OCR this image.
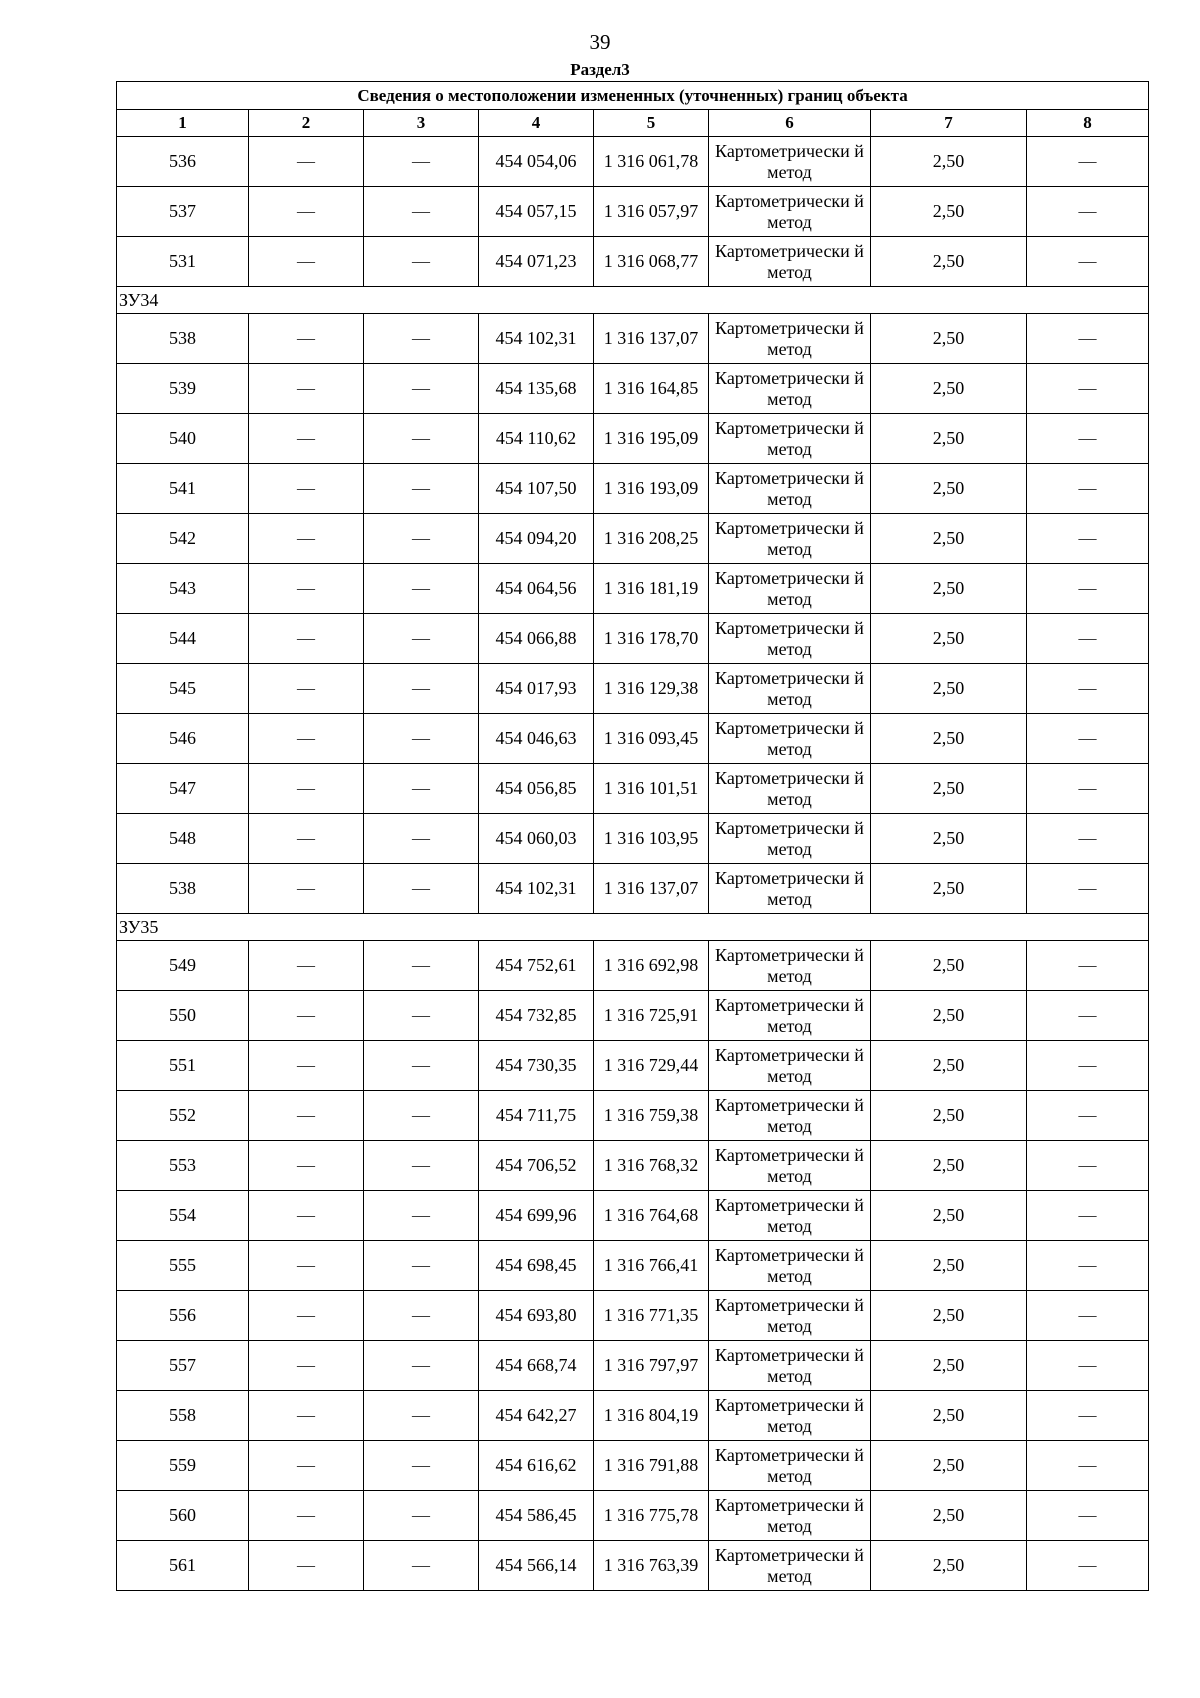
39
Раздел3
Сведения о местоположении измененных (уточненных) границ объекта							
1	2	3	4	5	6	7	8
536	—	—	454 054,06	1 316 061,78	Картометрически й метод	2,50	—
537	—	—	454 057,15	1 316 057,97	Картометрически й метод	2,50	—
531	—	—	454 071,23	1 316 068,77	Картометрически й метод	2,50	—
ЗУ34							
538	—	—	454 102,31	1 316 137,07	Картометрически й метод	2,50	—
539	—	—	454 135,68	1 316 164,85	Картометрически й метод	2,50	—
540	—	—	454 110,62	1 316 195,09	Картометрически й метод	2,50	—
541	—	—	454 107,50	1 316 193,09	Картометрически й метод	2,50	—
542	—	—	454 094,20	1 316 208,25	Картометрически й метод	2,50	—
543	—	—	454 064,56	1 316 181,19	Картометрически й метод	2,50	—
544	—	—	454 066,88	1 316 178,70	Картометрически й метод	2,50	—
545	—	—	454 017,93	1 316 129,38	Картометрически й метод	2,50	—
546	—	—	454 046,63	1 316 093,45	Картометрически й метод	2,50	—
547	—	—	454 056,85	1 316 101,51	Картометрически й метод	2,50	—
548	—	—	454 060,03	1 316 103,95	Картометрически й метод	2,50	—
538	—	—	454 102,31	1 316 137,07	Картометрически й метод	2,50	—
ЗУ35							
549	—	—	454 752,61	1 316 692,98	Картометрически й метод	2,50	—
550	—	—	454 732,85	1 316 725,91	Картометрически й метод	2,50	—
551	—	—	454 730,35	1 316 729,44	Картометрически й метод	2,50	—
552	—	—	454 711,75	1 316 759,38	Картометрически й метод	2,50	—
553	—	—	454 706,52	1 316 768,32	Картометрически й метод	2,50	—
554	—	—	454 699,96	1 316 764,68	Картометрически й метод	2,50	—
555	—	—	454 698,45	1 316 766,41	Картометрически й метод	2,50	—
556	—	—	454 693,80	1 316 771,35	Картометрически й метод	2,50	—
557	—	—	454 668,74	1 316 797,97	Картометрически й метод	2,50	—
558	—	—	454 642,27	1 316 804,19	Картометрически й метод	2,50	—
559	—	—	454 616,62	1 316 791,88	Картометрически й метод	2,50	—
560	—	—	454 586,45	1 316 775,78	Картометрически й метод	2,50	—
561	—	—	454 566,14	1 316 763,39	Картометрически й метод	2,50	—
